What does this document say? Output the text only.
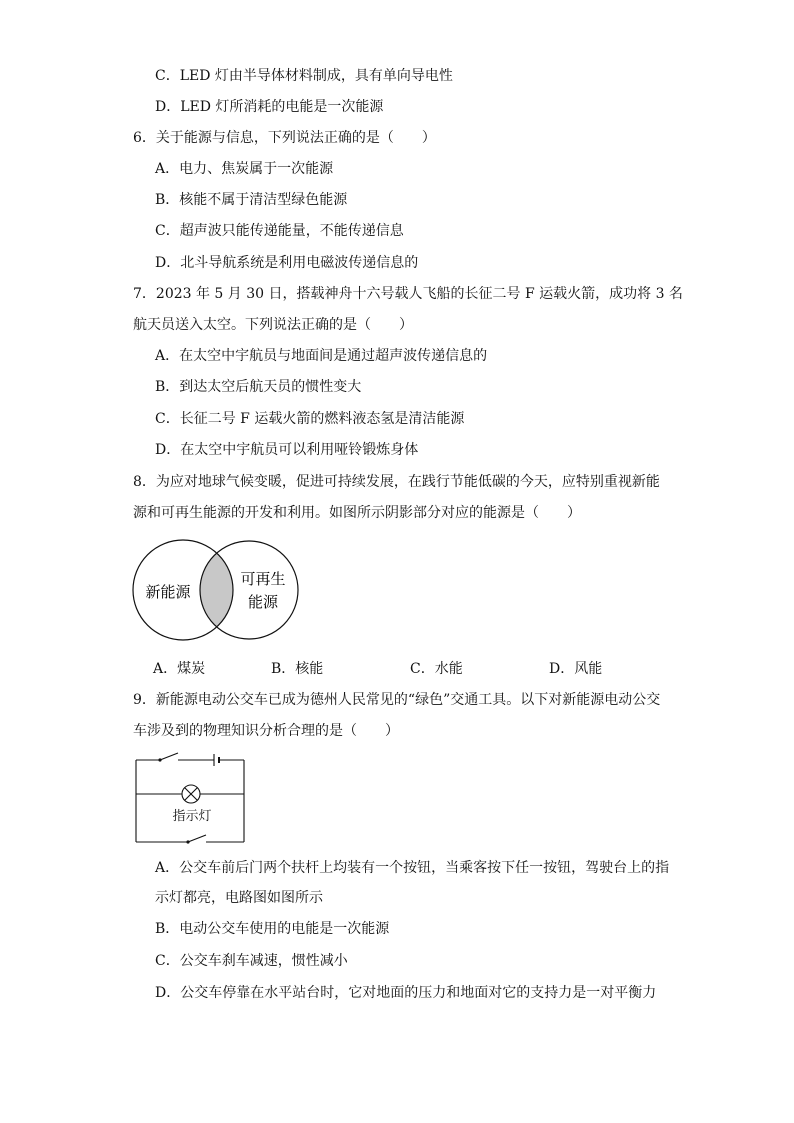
C．LED 灯由半导体材料制成，具有单向导电性
D．LED 灯所消耗的电能是一次能源
6．关于能源与信息，下列说法正确的是（　　）
A．电力、焦炭属于一次能源
B．核能不属于清洁型绿色能源
C．超声波只能传递能量，不能传递信息
D．北斗导航系统是利用电磁波传递信息的
7．2023 年 5 月 30 日，搭载神舟十六号载人飞船的长征二号 F 运载火箭，成功将 3 名
航天员送入太空。下列说法正确的是（　　）
A．在太空中宇航员与地面间是通过超声波传递信息的
B．到达太空后航天员的惯性变大
C．长征二号 F 运载火箭的燃料液态氢是清洁能源
D．在太空中宇航员可以利用哑铃锻炼身体
8．为应对地球气候变暖，促进可持续发展，在践行节能低碳的今天，应特别重视新能
源和可再生能源的开发和利用。如图所示阴影部分对应的能源是（　　）
新能源
可再生
能源
A．煤炭	B．核能	C．水能	D．风能
9．新能源电动公交车已成为德州人民常见的“绿色”交通工具。以下对新能源电动公交
车涉及到的物理知识分析合理的是（　　）
指示灯
A．公交车前后门两个扶杆上均装有一个按钮，当乘客按下任一按钮，驾驶台上的指
示灯都亮，电路图如图所示
B．电动公交车使用的电能是一次能源
C．公交车刹车减速，惯性减小
D．公交车停靠在水平站台时，它对地面的压力和地面对它的支持力是一对平衡力
